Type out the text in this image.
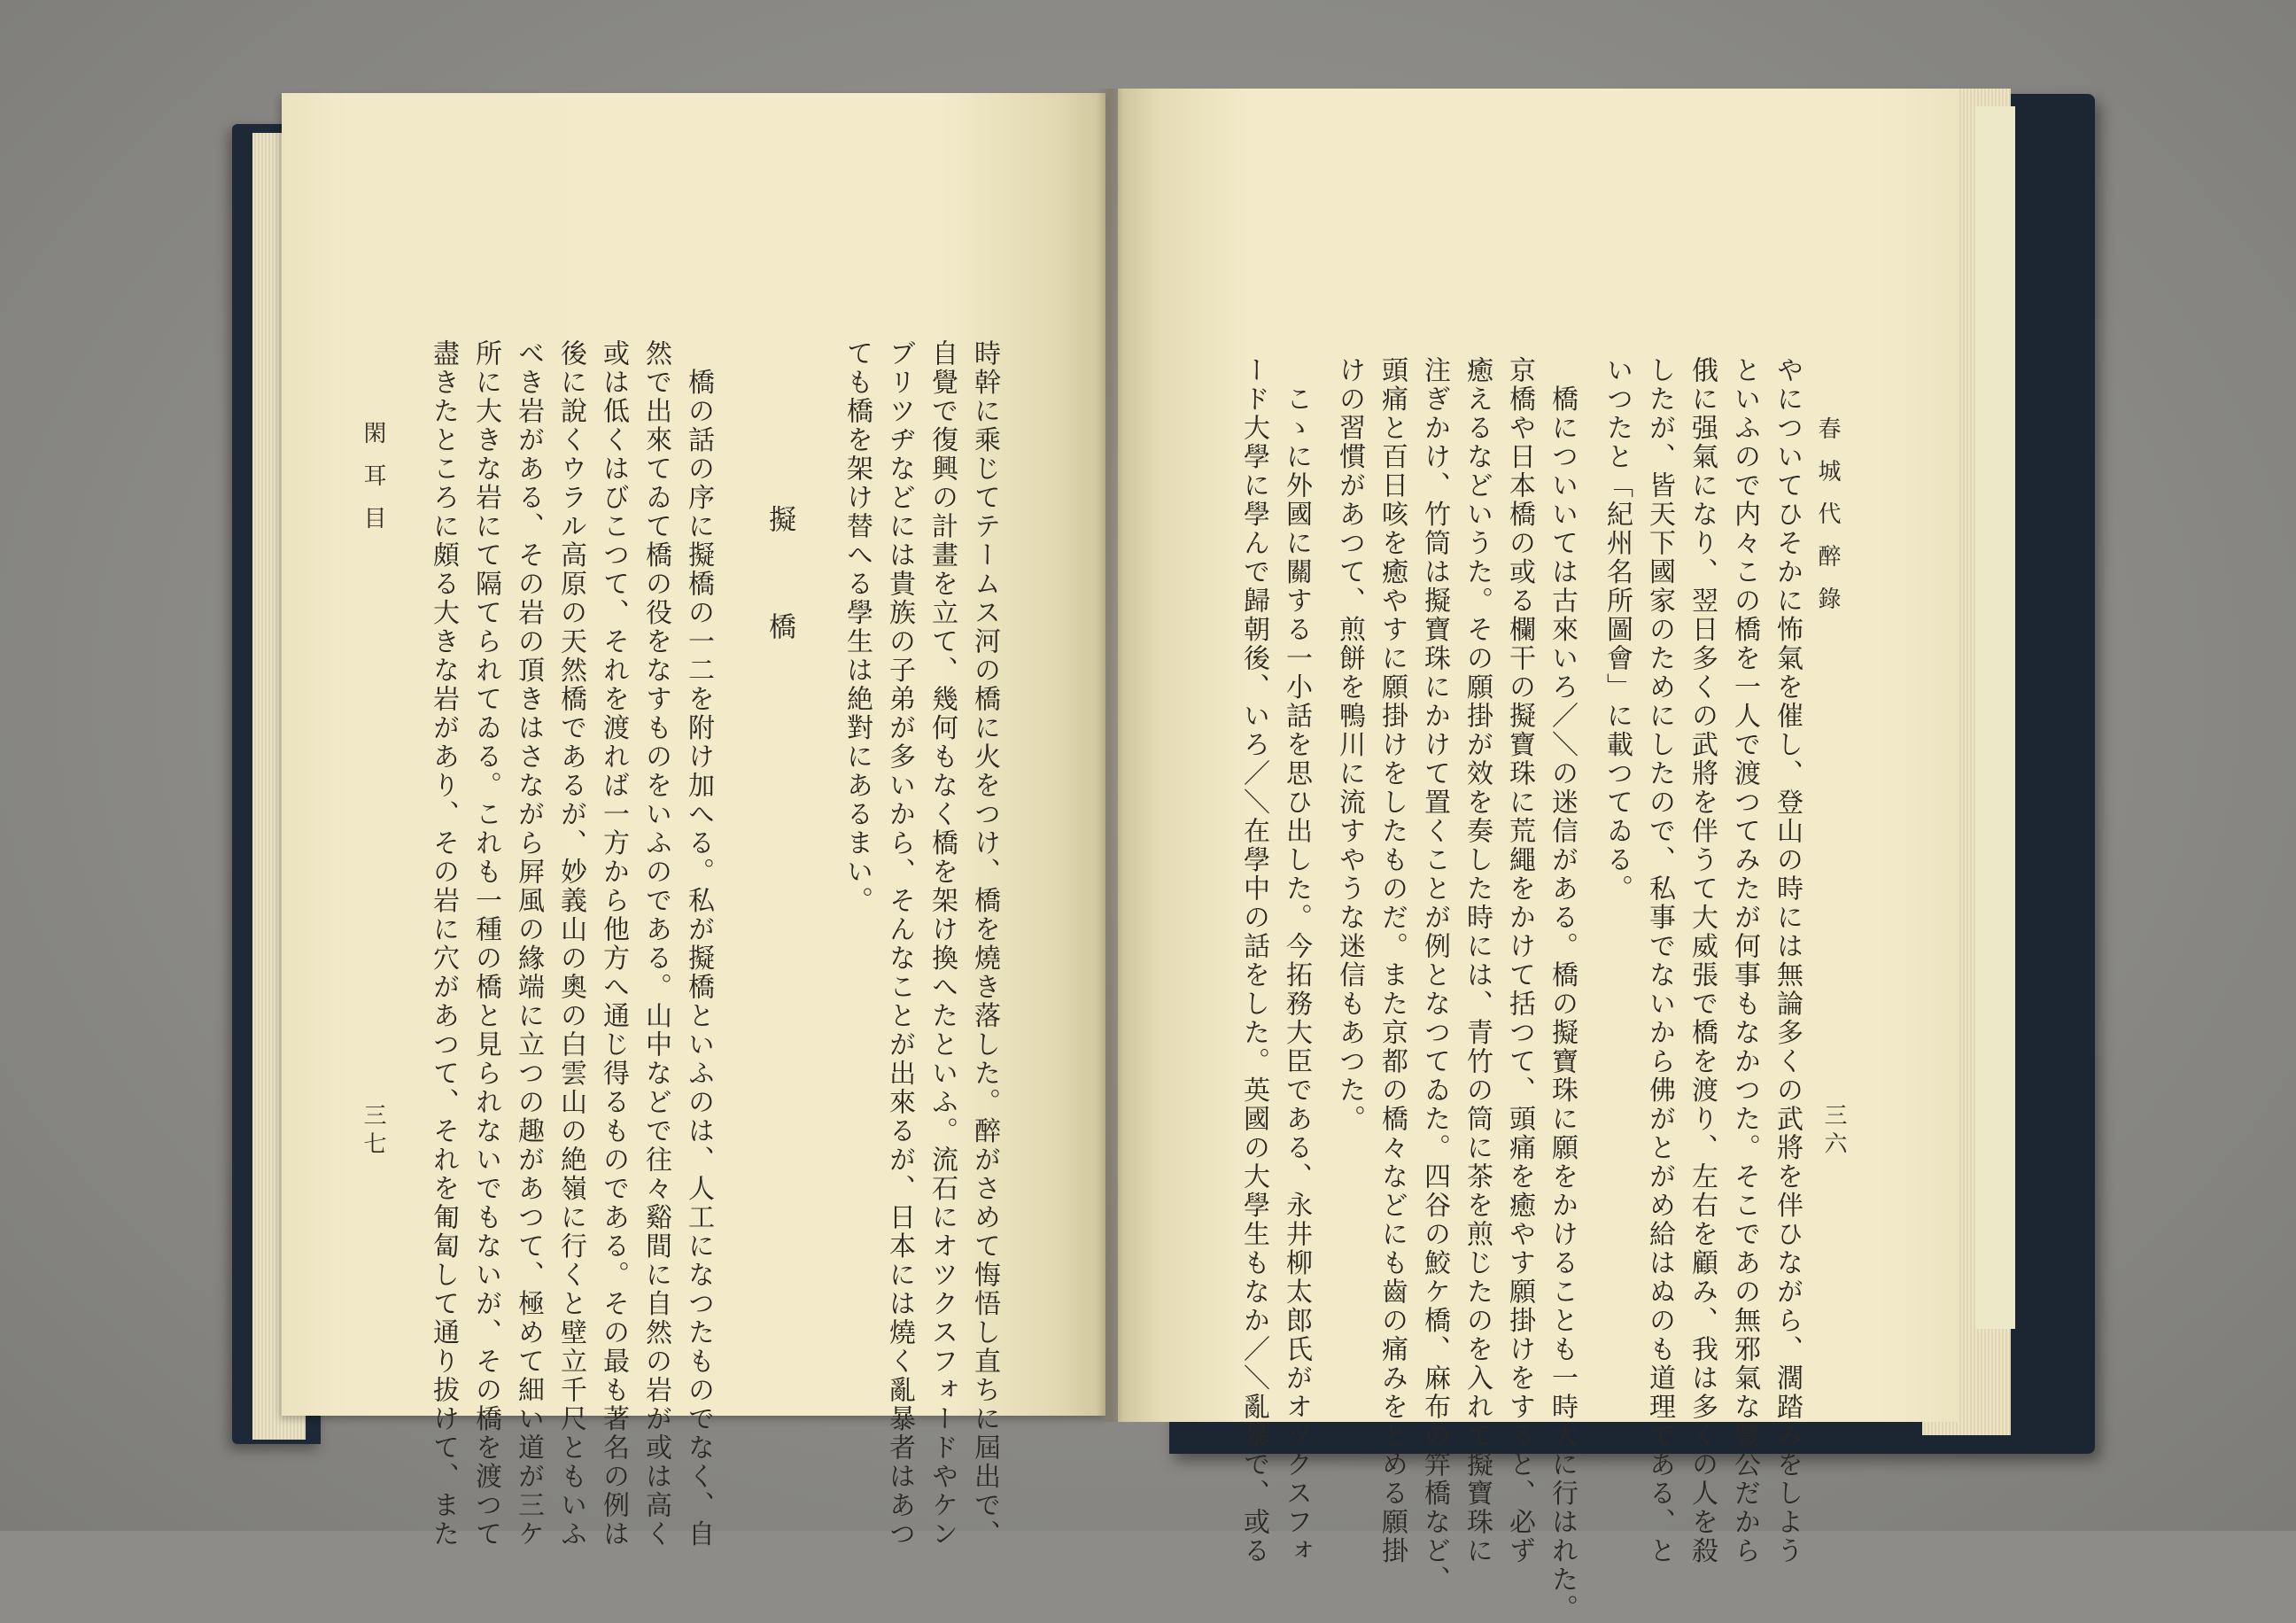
春城代醉錄
三六
やについてひそかに怖氣を催し、登山の時には無論多くの武將を伴ひながら、濶踏みをしよう
といふので内々この橋を一人で渡つてみたが何事もなかつた。そこであの無邪氣な豐公だから
俄に强氣になり、翌日多くの武將を伴うて大威張で橋を渡り、左右を顧み、我は多くの人を殺
したが、皆天下國家のためにしたので、私事でないから佛がとがめ給はぬのも道理である、と
いつたと「紀州名所圖會」に載つてゐる。
　橋についいては古來いろ／＼の迷信がある。橋の擬寶珠に願をかけることも一時大に行はれた。
京橋や日本橋の或る欄干の擬寶珠に荒繩をかけて括つて、頭痛を癒やす願掛けをすると、必ず
癒えるなどいうた。その願掛が效を奏した時には、青竹の筒に茶を煎じたのを入れて擬寶珠に
注ぎかけ、竹筒は擬寶珠にかけて置くことが例となつてゐた。四谷の鮫ケ橋、麻布の笄橋など、
頭痛と百日咳を癒やすに願掛けをしたものだ。また京都の橋々などにも齒の痛みをとめる願掛
けの習慣があつて、煎餅を鴨川に流すやうな迷信もあつた。
　こゝに外國に關する一小話を思ひ出した。今拓務大臣である、永井柳太郎氏がオツクスフォ
ード大學に學んで歸朝後、いろ／＼在學中の話をした。英國の大學生もなか／＼亂暴で、或る
時幹に乘じてテームス河の橋に火をつけ、橋を燒き落した。醉がさめて悔悟し直ちに屆出で、
自覺で復興の計畫を立て、幾何もなく橋を架け換へたといふ。流石にオツクスフォードやケン
ブリツヂなどには貴族の子弟が多いから、そんなことが出來るが、日本には燒く亂暴者はあつ
ても橋を架け替へる學生は絶對にあるまい。
擬橋
　橋の話の序に擬橋の一二を附け加へる。私が擬橋といふのは、人工になつたものでなく、自
然で出來てゐて橋の役をなすものをいふのである。山中などで往々谿間に自然の岩が或は高く
或は低くはびこつて、それを渡れば一方から他方へ通じ得るものである。その最も著名の例は
後に說くウラル高原の天然橋であるが、妙義山の奧の白雲山の絶嶺に行くと壁立千尺ともいふ
べき岩がある、その岩の頂きはさながら屛風の緣端に立つの趣があつて、極めて細い道が三ケ
所に大きな岩にて隔てられてゐる。これも一種の橋と見られないでもないが、その橋を渡つて
盡きたところに頗る大きな岩があり、その岩に穴があつて、それを匍匐して通り拔けて、また
閑耳目
三七
